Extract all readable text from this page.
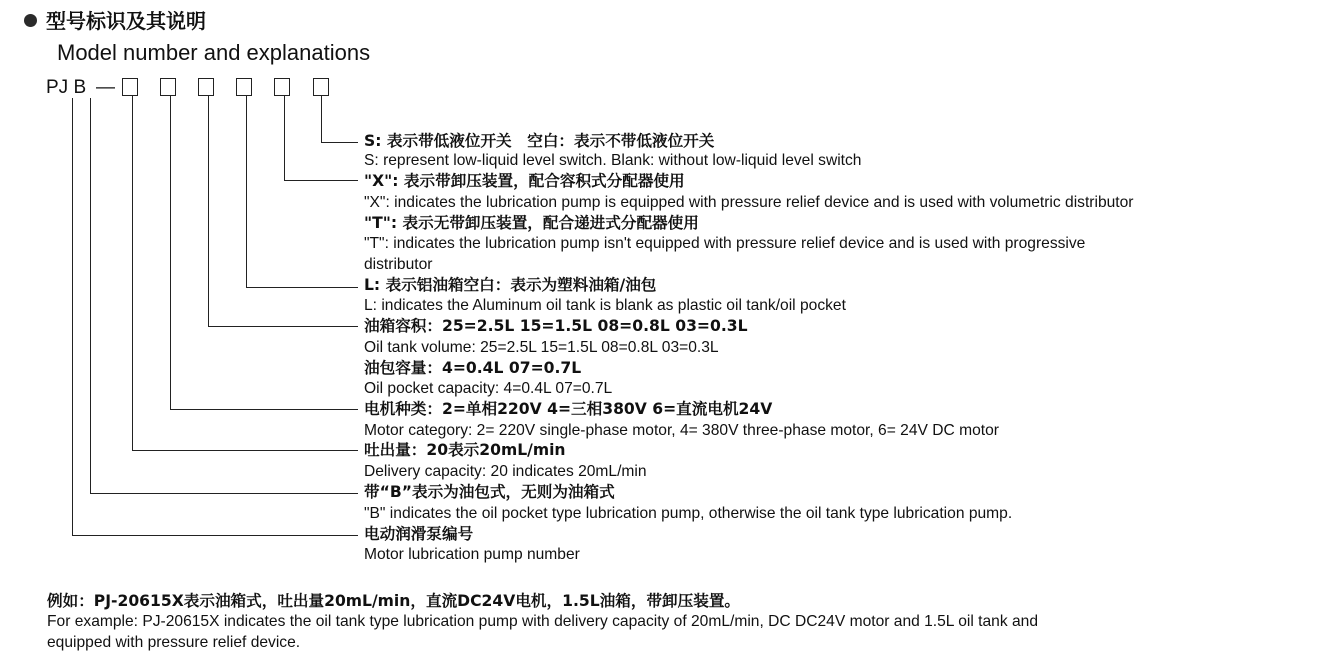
型号标识及其说明
Model number and explanations
PJ B —
S: 表示带低液位开关　空白：表示不带低液位开关
S: represent low-liquid level switch. Blank: without low-liquid level switch
"X": 表示带卸压装置，配合容积式分配器使用
"X": indicates the lubrication pump is equipped with pressure relief device and is used with volumetric distributor
"T": 表示无带卸压装置，配合递进式分配器使用
"T": indicates the lubrication pump isn't equipped with pressure relief device and is used with progressive
distributor
L: 表示铝油箱空白：表示为塑料油箱/油包
L: indicates the Aluminum oil tank is blank as plastic oil tank/oil pocket
油箱容积：25=2.5L 15=1.5L 08=0.8L 03=0.3L
Oil tank volume: 25=2.5L 15=1.5L 08=0.8L 03=0.3L
油包容量：4=0.4L 07=0.7L
Oil pocket capacity: 4=0.4L 07=0.7L
电机种类：2=单相220V 4=三相380V 6=直流电机24V
Motor category: 2= 220V single-phase motor, 4= 380V three-phase motor, 6= 24V DC motor
吐出量：20表示20mL/min
Delivery capacity: 20 indicates 20mL/min
带“B”表示为油包式，无则为油箱式
"B" indicates the oil pocket type lubrication pump, otherwise the oil tank type lubrication pump.
电动润滑泵编号
Motor lubrication pump number
例如：PJ-20615X表示油箱式，吐出量20mL/min，直流DC24V电机，1.5L油箱，带卸压装置。
For example: PJ-20615X indicates the oil tank type lubrication pump with delivery capacity of 20mL/min, DC DC24V motor and 1.5L oil tank and
equipped with pressure relief device.
